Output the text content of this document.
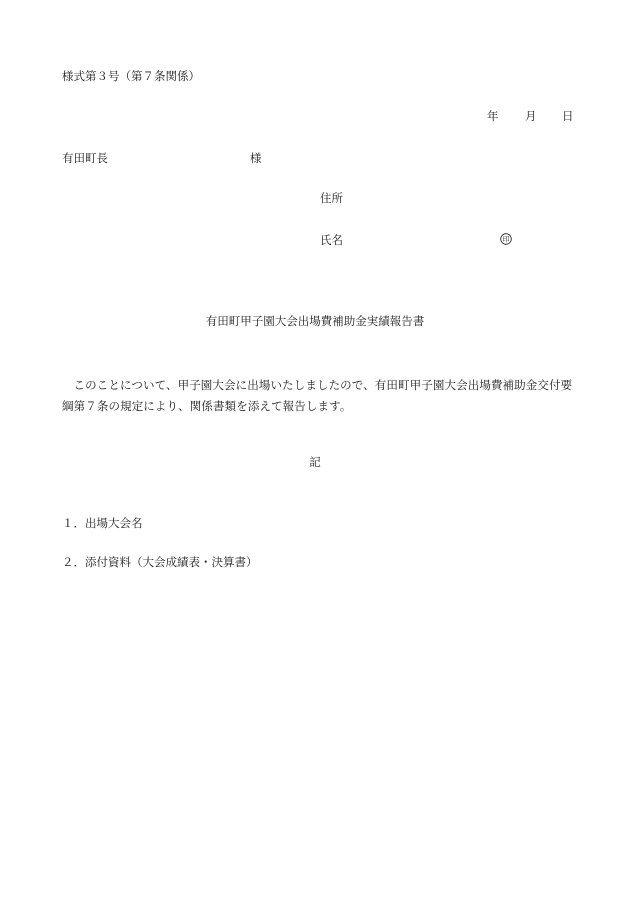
様式第３号（第７条関係）
年 月 日
有田町長	様
住所
氏名	印
有田町甲子園大会出場費補助金実績報告書
このことについて、甲子園大会に出場いたしましたので、有田町甲子園大会出場費補助金交付要綱第７条の規定により、関係書類を添えて報告します。
記
１．出場大会名
２．添付資料（大会成績表・決算書）
